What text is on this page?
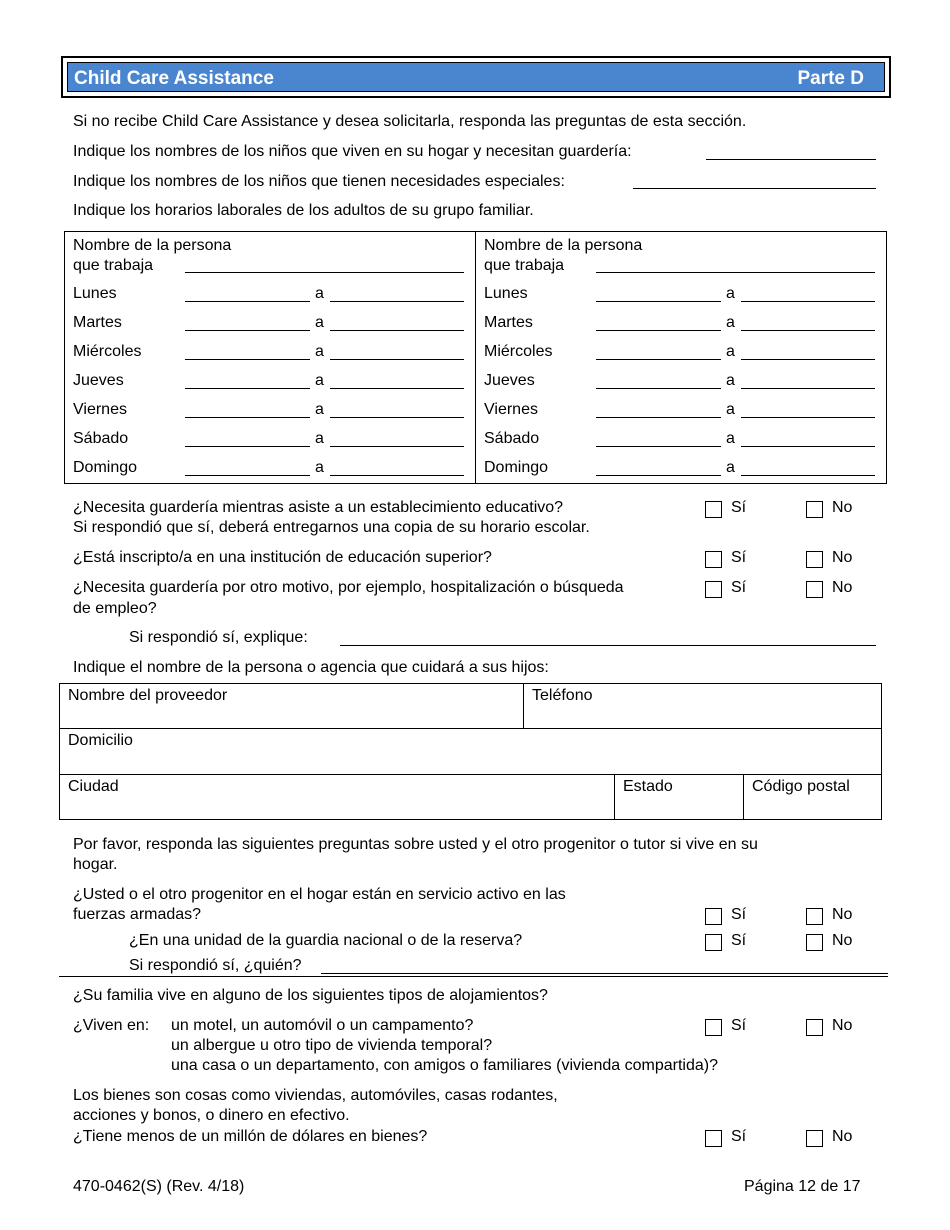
Child Care Assistance	Parte D
Si no recibe Child Care Assistance y desea solicitarla, responda las preguntas de esta sección.
Indique los nombres de los niños que viven en su hogar y necesitan guardería:
Indique los nombres de los niños que tienen necesidades especiales:
Indique los horarios laborales de los adultos de su grupo familiar.
Nombre de la persona
que trabaja
Lunes	a
Martes	a
Miércoles	a
Jueves	a
Viernes	a
Sábado	a
Domingo	a
Nombre de la persona
que trabaja
Lunes	a
Martes	a
Miércoles	a
Jueves	a
Viernes	a
Sábado	a
Domingo	a
¿Necesita guardería mientras asiste a un establecimiento educativo?
Si respondió que sí, deberá entregarnos una copia de su horario escolar.
Sí	No
¿Está inscripto/a en una institución de educación superior?	Sí	No
¿Necesita guardería por otro motivo, por ejemplo, hospitalización o búsqueda
de empleo?
Sí	No
Si respondió sí, explique:
Indique el nombre de la persona o agencia que cuidará a sus hijos:
Nombre del proveedor	Teléfono
Domicilio
Ciudad	Estado	Código postal
Por favor, responda las siguientes preguntas sobre usted y el otro progenitor o tutor si vive en su
hogar.
¿Usted o el otro progenitor en el hogar están en servicio activo en las
fuerzas armadas?	Sí	No
¿En una unidad de la guardia nacional o de la reserva?	Sí	No
Si respondió sí, ¿quién?
¿Su familia vive en alguno de los siguientes tipos de alojamientos?
¿Viven en: un motel, un automóvil o un campamento?
un albergue u otro tipo de vivienda temporal?
una casa o un departamento, con amigos o familiares (vivienda compartida)?
Sí	No
Los bienes son cosas como viviendas, automóviles, casas rodantes,
acciones y bonos, o dinero en efectivo.
¿Tiene menos de un millón de dólares en bienes?	Sí	No
470-0462(S) (Rev. 4/18)	Página 12 de 17
